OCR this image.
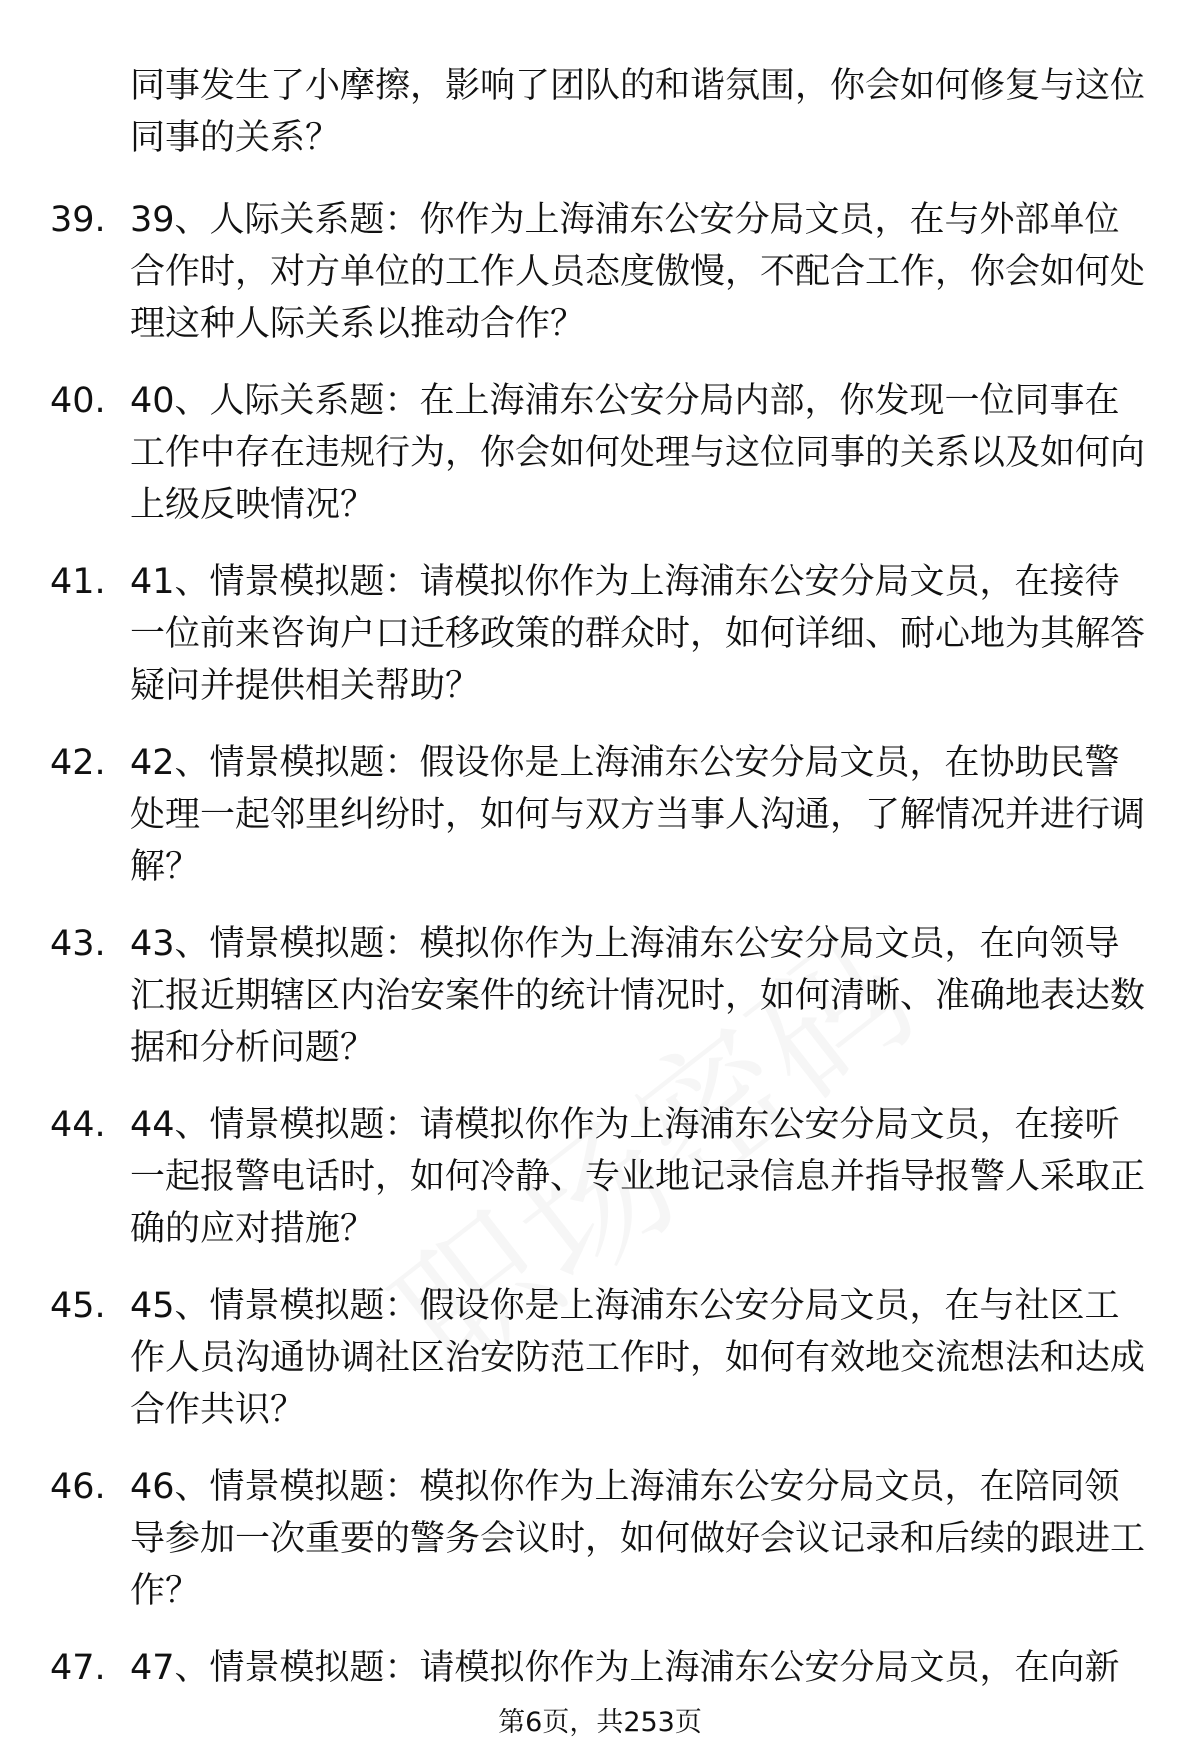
同事发生了小摩擦，影响了团队的和谐氛围，你会如何修复与这位同事的关系？

39. 39、人际关系题：你作为上海浦东公安分局文员，在与外部单位合作时，对方单位的工作人员态度傲慢，不配合工作，你会如何处理这种人际关系以推动合作？
40. 40、人际关系题：在上海浦东公安分局内部，你发现一位同事在工作中存在违规行为，你会如何处理与这位同事的关系以及如何向上级反映情况？
41. 41、情景模拟题：请模拟你作为上海浦东公安分局文员，在接待一位前来咨询户口迁移政策的群众时，如何详细、耐心地为其解答疑问并提供相关帮助？
42. 42、情景模拟题：假设你是上海浦东公安分局文员，在协助民警处理一起邻里纠纷时，如何与双方当事人沟通，了解情况并进行调解？
43. 43、情景模拟题：模拟你作为上海浦东公安分局文员，在向领导汇报近期辖区内治安案件的统计情况时，如何清晰、准确地表达数据和分析问题？
44. 44、情景模拟题：请模拟你作为上海浦东公安分局文员，在接听一起报警电话时，如何冷静、专业地记录信息并指导报警人采取正确的应对措施？
45. 45、情景模拟题：假设你是上海浦东公安分局文员，在与社区工作人员沟通协调社区治安防范工作时，如何有效地交流想法和达成合作共识？
46. 46、情景模拟题：模拟你作为上海浦东公安分局文员，在陪同领导参加一次重要的警务会议时，如何做好会议记录和后续的跟进工作？
47. 47、情景模拟题：请模拟你作为上海浦东公安分局文员，在向新
第6页，共253页
